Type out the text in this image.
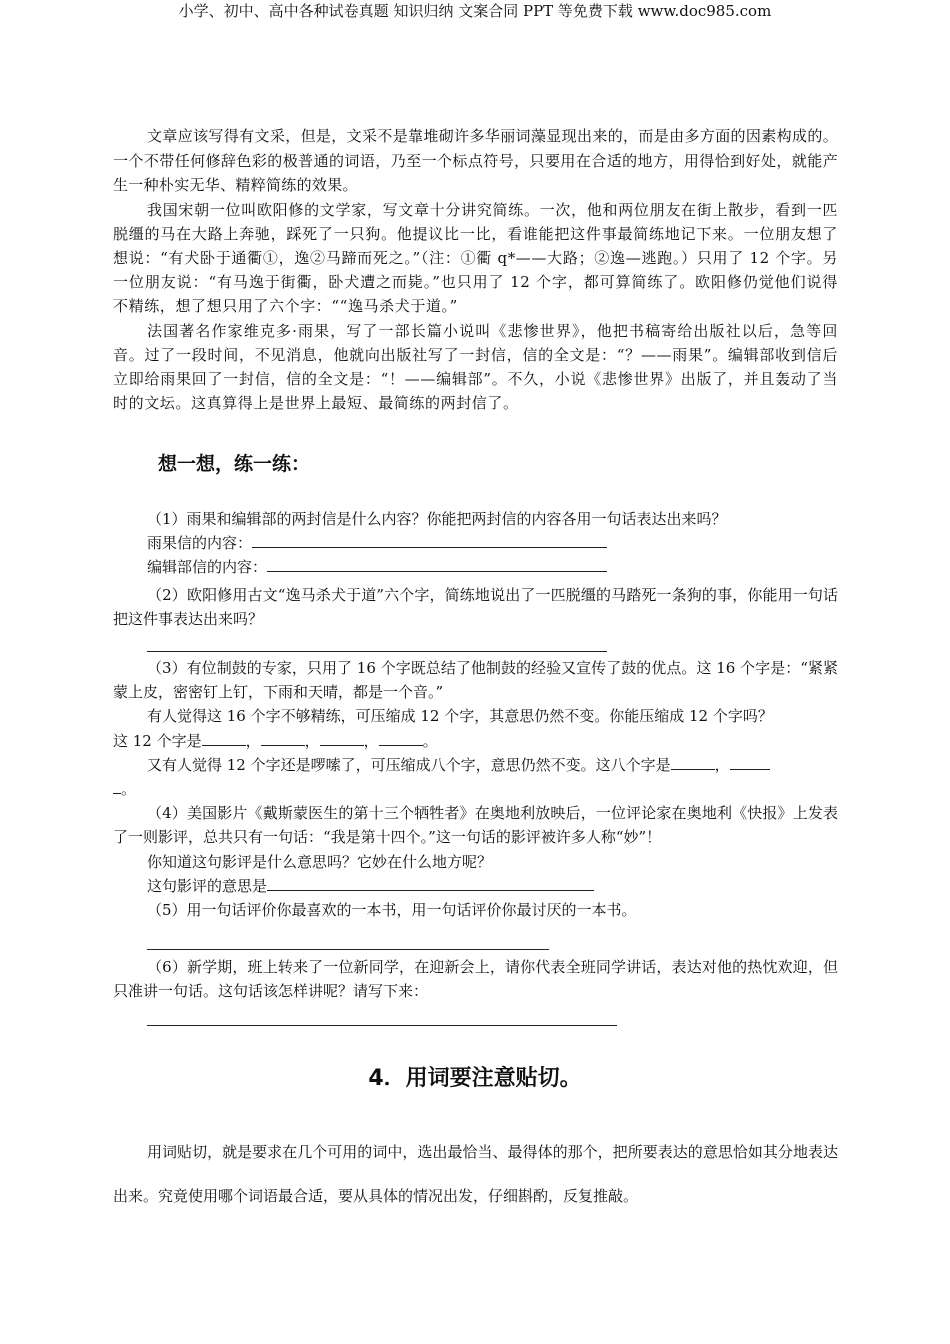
小学、初中、高中各种试卷真题 知识归纳 文案合同 PPT 等免费下载 www.doc985.com

文章应该写得有文采，但是，文采不是靠堆砌许多华丽词藻显现出来的，而是由多方面的因素构成的。一个不带任何修辞色彩的极普通的词语，乃至一个标点符号，只要用在合适的地方，用得恰到好处，就能产生一种朴实无华、精粹简练的效果。

我国宋朝一位叫欧阳修的文学家，写文章十分讲究简练。一次，他和两位朋友在街上散步，看到一匹脱缰的马在大路上奔驰，踩死了一只狗。他提议比一比，看谁能把这件事最简练地记下来。一位朋友想了想说：“有犬卧于通衢①，逸②马蹄而死之。”（注：①衢 q*——大路；②逸—逃跑。）只用了 12 个字。另一位朋友说：“有马逸于街衢，卧犬遭之而毙。”也只用了 12 个字，都可算简练了。欧阳修仍觉他们说得不精练，想了想只用了六个字：““逸马杀犬于道。”

法国著名作家维克多·雨果，写了一部长篇小说叫《悲惨世界》，他把书稿寄给出版社以后，急等回音。过了一段时间，不见消息，他就向出版社写了一封信，信的全文是：“？——雨果”。编辑部收到信后立即给雨果回了一封信，信的全文是：“！——编辑部”。不久，小说《悲惨世界》出版了，并且轰动了当时的文坛。这真算得上是世界上最短、最简练的两封信了。

想一想，练一练：

（1）雨果和编辑部的两封信是什么内容？你能把两封信的内容各用一句话表达出来吗？

雨果信的内容：

编辑部信的内容：

（2）欧阳修用古文“逸马杀犬于道”六个字，简练地说出了一匹脱缰的马踏死一条狗的事，你能用一句话把这件事表达出来吗？

（3）有位制鼓的专家，只用了 16 个字既总结了他制鼓的经验又宣传了鼓的优点。这 16 个字是：“紧紧蒙上皮，密密钉上钉，下雨和天晴，都是一个音。”

有人觉得这 16 个字不够精练，可压缩成 12 个字，其意思仍然不变。你能压缩成 12 个字吗？

这 12 个字是	，	，	，	。

又有人觉得 12 个字还是啰嗦了，可压缩成八个字，意思仍然不变。这八个字是	，
。

（4）美国影片《戴斯蒙医生的第十三个牺牲者》在奥地利放映后，一位评论家在奥地利《快报》上发表了一则影评，总共只有一句话：“我是第十四个。”这一句话的影评被许多人称“妙”！

你知道这句影评是什么意思吗？它妙在什么地方呢？

这句影评的意思是

（5）用一句话评价你最喜欢的一本书，用一句话评价你最讨厌的一本书。

（6）新学期，班上转来了一位新同学，在迎新会上，请你代表全班同学讲话，表达对他的热忱欢迎，但只准讲一句话。这句话该怎样讲呢？请写下来：

4．用词要注意贴切。

用词贴切，就是要求在几个可用的词中，选出最恰当、最得体的那个，把所要表达的意思恰如其分地表达出来。究竟使用哪个词语最合适，要从具体的情况出发，仔细斟酌，反复推敲。
